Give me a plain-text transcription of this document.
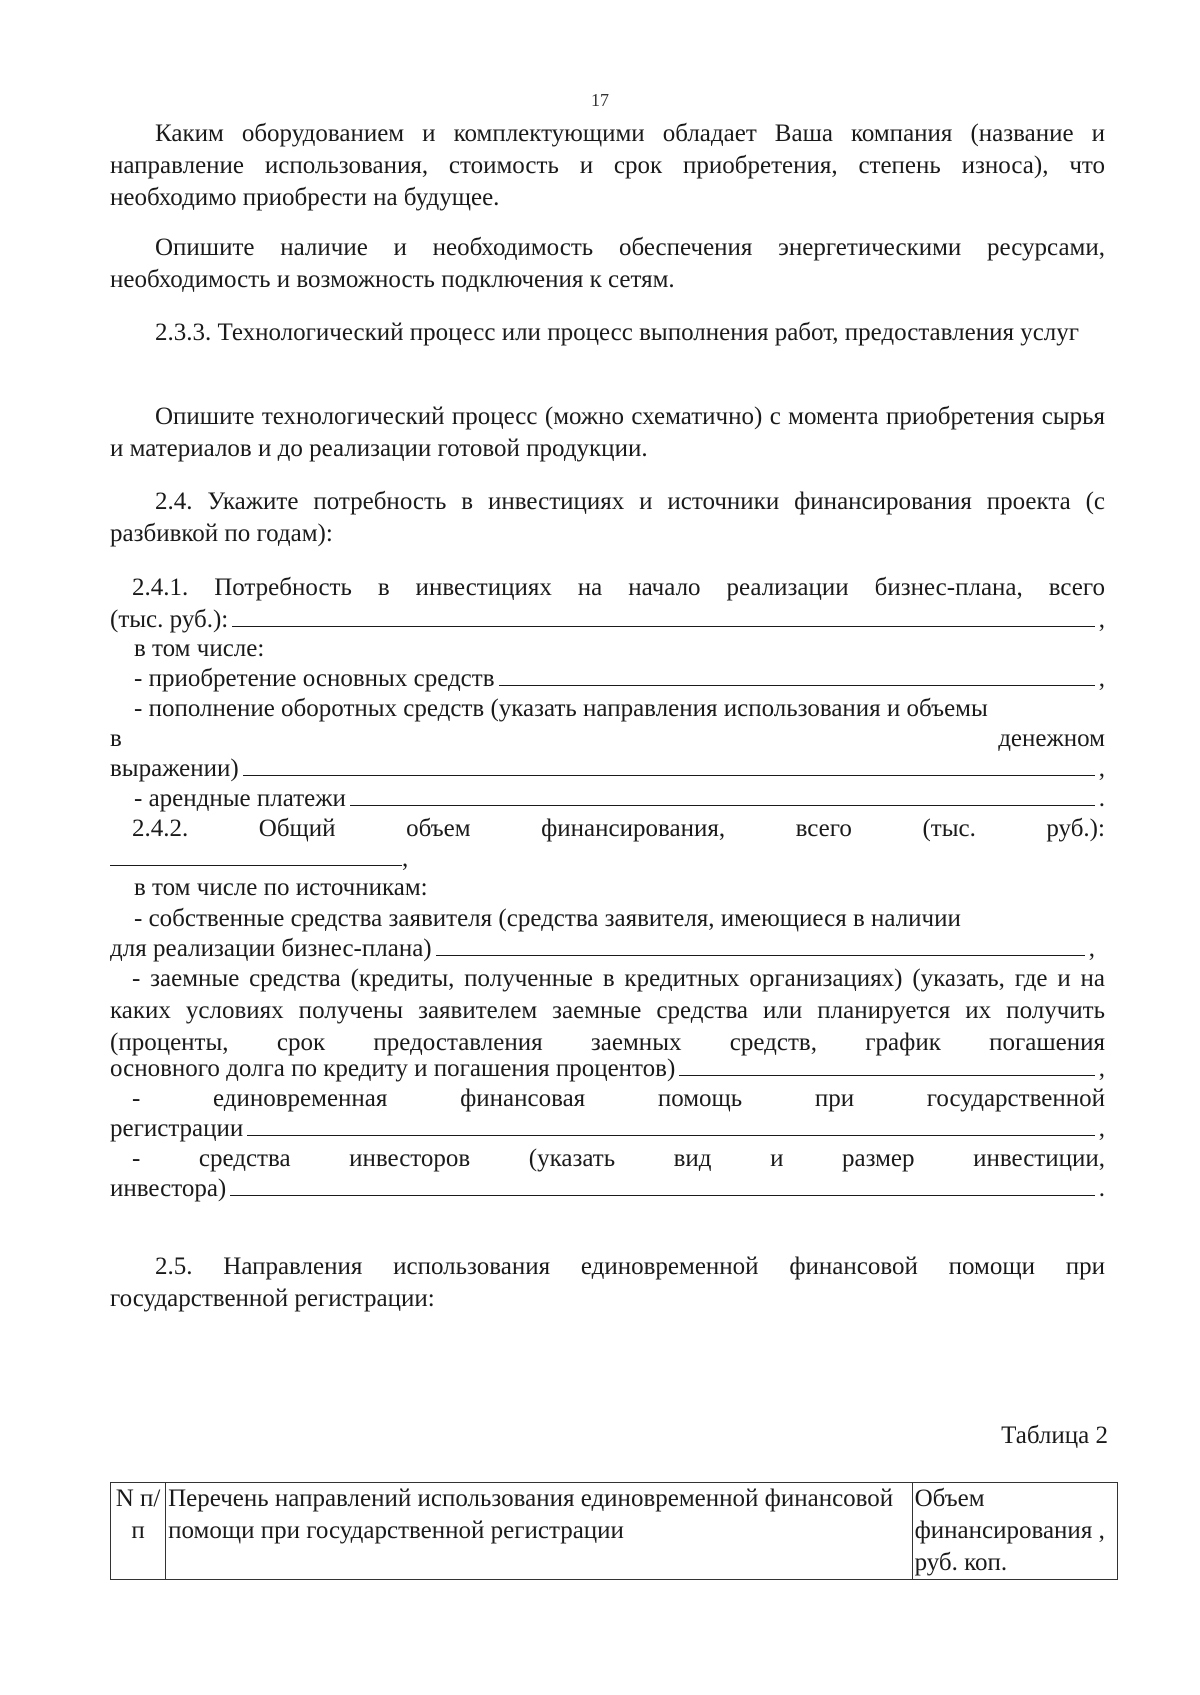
17
Каким оборудованием и комплектующими обладает Ваша компания (название и направление использования, стоимость и срок приобретения, степень износа), что необходимо приобрести на будущее.
Опишите наличие и необходимость обеспечения энергетическими ресурсами, необходимость и возможность подключения к сетям.
2.3.3. Технологический процесс или процесс выполнения работ, предоставления услуг
Опишите технологический процесс (можно схематично) с момента приобретения сырья и материалов и до реализации готовой продукции.
2.4. Укажите потребность в инвестициях и источники финансирования проекта (с разбивкой по годам):
2.4.1. Потребность в инвестициях на начало реализации бизнес-плана, всего
(тыс. руб.):	,
в том числе:
- приобретение основных средств	,
- пополнение оборотных средств (указать направления использования и объемы
в	денежном
выражении)	,
- арендные платежи	.
2.4.2.	Общий	объем	финансирования,	всего	(тыс.	руб.):
,
в том числе по источникам:
- собственные средства заявителя (средства заявителя, имеющиеся в наличии
для реализации бизнес-плана)	,
- заемные средства (кредиты, полученные в кредитных организациях) (указать, где и на каких условиях получены заявителем заемные средства или планируется их получить (проценты, срок предоставления заемных средств, график погашения
основного долга по кредиту и погашения процентов)	,
-	единовременная	финансовая	помощь	при	государственной
регистрации	,
- средства инвесторов (указать вид и размер инвестиции,
инвестора)	.
2.5. Направления использования единовременной финансовой помощи при государственной регистрации:
Таблица 2
N п/п	Перечень направлений использования единовременной финансовой помощи при государственной регистрации	Объем финансирования , руб. коп.
